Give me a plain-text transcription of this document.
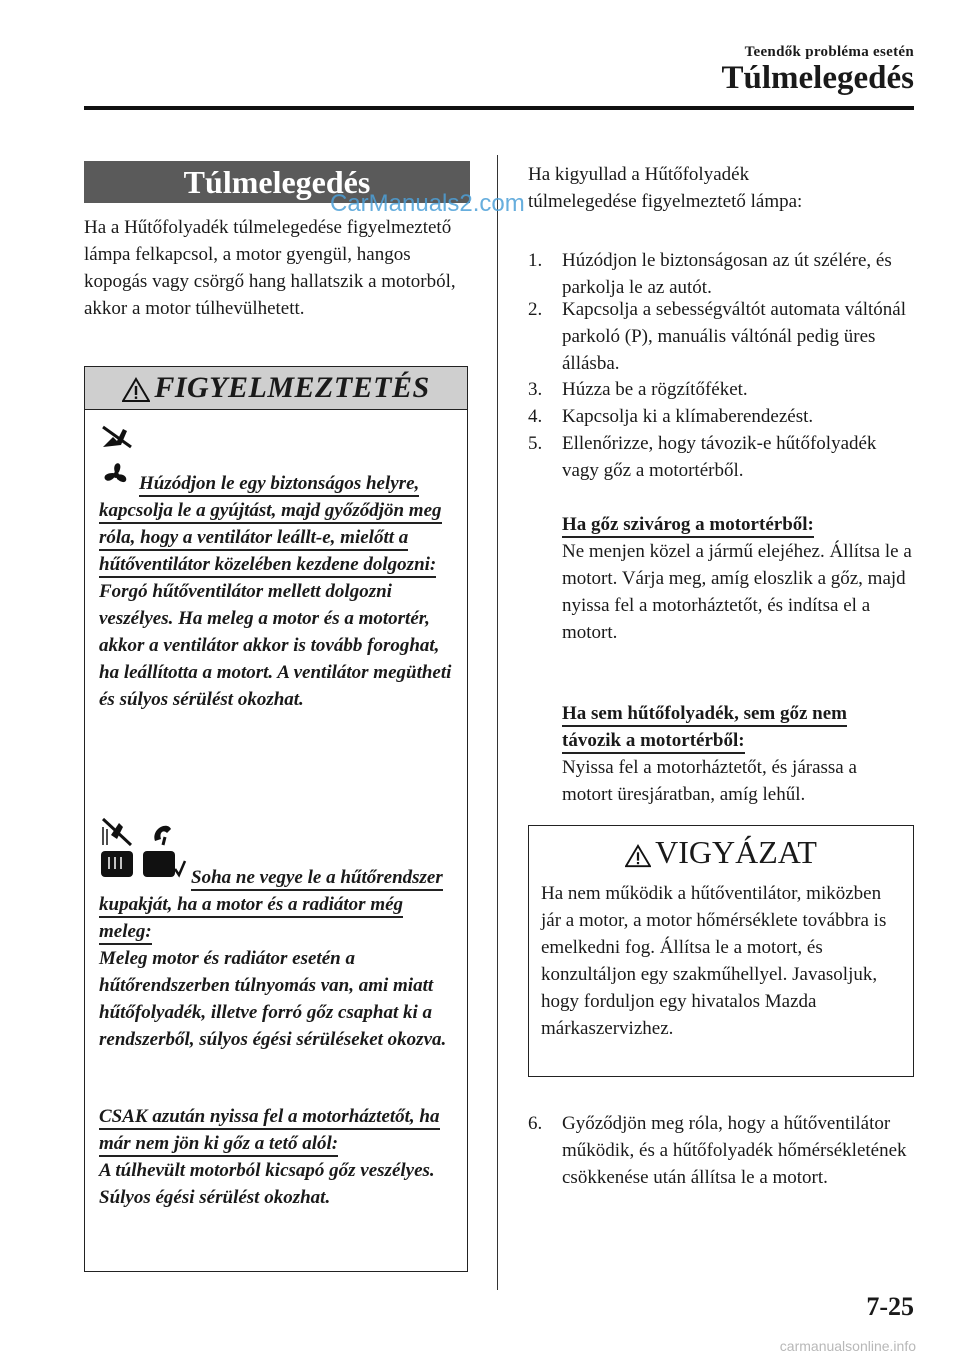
Teendők probléma esetén
Túlmelegedés
Túlmelegedés
Ha a Hűtőfolyadék túlmelegedése figyelmeztető lámpa felkapcsol, a motor gyengül, hangos kopogás vagy csörgő hang hallatszik a motorból, akkor a motor túlhevülhetett.
FIGYELMEZTETÉS
Húzódjon le egy biztonságos helyre, kapcsolja le a gyújtást, majd győződjön meg róla, hogy a ventilátor leállt-e, mielőtt a hűtőventilátor közelében kezdene dolgozni:
Forgó hűtőventilátor mellett dolgozni veszélyes. Ha meleg a motor és a motortér, akkor a ventilátor akkor is tovább foroghat, ha leállította a motort. A ventilátor megütheti és súlyos sérülést okozhat.
Soha ne vegye le a hűtőrendszer kupakját, ha a motor és a radiátor még meleg:
Meleg motor és radiátor esetén a hűtőrendszerben túlnyomás van, ami miatt hűtőfolyadék, illetve forró gőz csaphat ki a rendszerből, súlyos égési sérüléseket okozva.
CSAK azután nyissa fel a motorháztetőt, ha már nem jön ki gőz a tető alól:
A túlhevült motorból kicsapó gőz veszélyes. Súlyos égési sérülést okozhat.
Ha kigyullad a Hűtőfolyadék túlmelegedése figyelmeztető lámpa:
1. Húzódjon le biztonságosan az út szélére, és parkolja le az autót.
2. Kapcsolja a sebességváltót automata váltónál parkoló (P), manuális váltónál pedig üres állásba.
3. Húzza be a rögzítőféket.
4. Kapcsolja ki a klímaberendezést.
5. Ellenőrizze, hogy távozik-e hűtőfolyadék vagy gőz a motortérből.
Ha gőz szivárog a motortérből:
Ne menjen közel a jármű elejéhez. Állítsa le a motort. Várja meg, amíg eloszlik a gőz, majd nyissa fel a motorháztetőt, és indítsa el a motort.
Ha sem hűtőfolyadék, sem gőz nem távozik a motortérből:
Nyissa fel a motorháztetőt, és járassa a motort üresjáratban, amíg lehűl.
VIGYÁZAT
Ha nem működik a hűtőventilátor, miközben jár a motor, a motor hőmérséklete továbbra is emelkedni fog. Állítsa le a motort, és konzultáljon egy szakműhellyel. Javasoljuk, hogy forduljon egy hivatalos Mazda márkaszervizhez.
6. Győződjön meg róla, hogy a hűtőventilátor működik, és a hűtőfolyadék hőmérsékletének csökkenése után állítsa le a motort.
7-25
CarManuals2.com
carmanualsonline.info
